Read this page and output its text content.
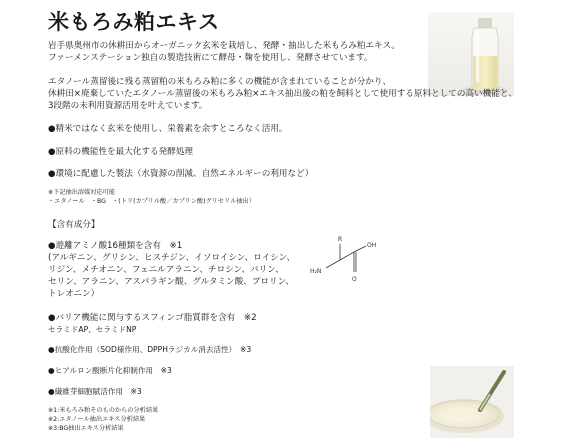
米もろみ粕エキス
岩手県奥州市の休耕田からオーガニック玄米を栽培し、発酵・抽出した米もろみ粕エキス。
ファーメンステーション独自の製造技術にて酵母・麹を使用し、発酵させています。
エタノール蒸留後に残る蒸留粕の米もろみ粕に多くの機能が含まれていることが分かり、
休耕田×廃棄していたエタノール蒸留後の米もろみ粕×エキス抽出後の粕を飼料として使用する原料としての高い機能と、
3段階の未利用資源活用を叶えています。
●精米ではなく玄米を使用し、栄養素を余すところなく活用。
●原料の機能性を最大化する発酵処理
●環境に配慮した製法（水資源の削減、自然エネルギーの利用など）
※下記抽出溶媒対応可能
・エタノール　・BG　・(トリ(カプリル酸／カプリン酸)グリセリル抽出）
【含有成分】
●遊離アミノ酸16種類を含有　※1
(アルギニン、グリシン、ヒスチジン、イソロイシン、ロイシン、
リジン、メチオニン、フェニルアラニン、チロシン、バリン、
セリン、アラニン、アスパラギン酸、グルタミン酸、プロリン、
トレオニン）
R
H₂N
OH
O
●バリア機能に関与するスフィンゴ脂質群を含有　※2
セラミドAP、セラミドNP
●抗酸化作用（SOD様作用、DPPHラジカル消去活性）　※3
●ヒアルロン酸断片化抑制作用　※3
●繊維芽細胞賦活作用　※3
※1:米もろみ粕そのものからの分析結果
※2:エタノール抽出エキス分析結果
※3:BG抽出エキス分析結果
